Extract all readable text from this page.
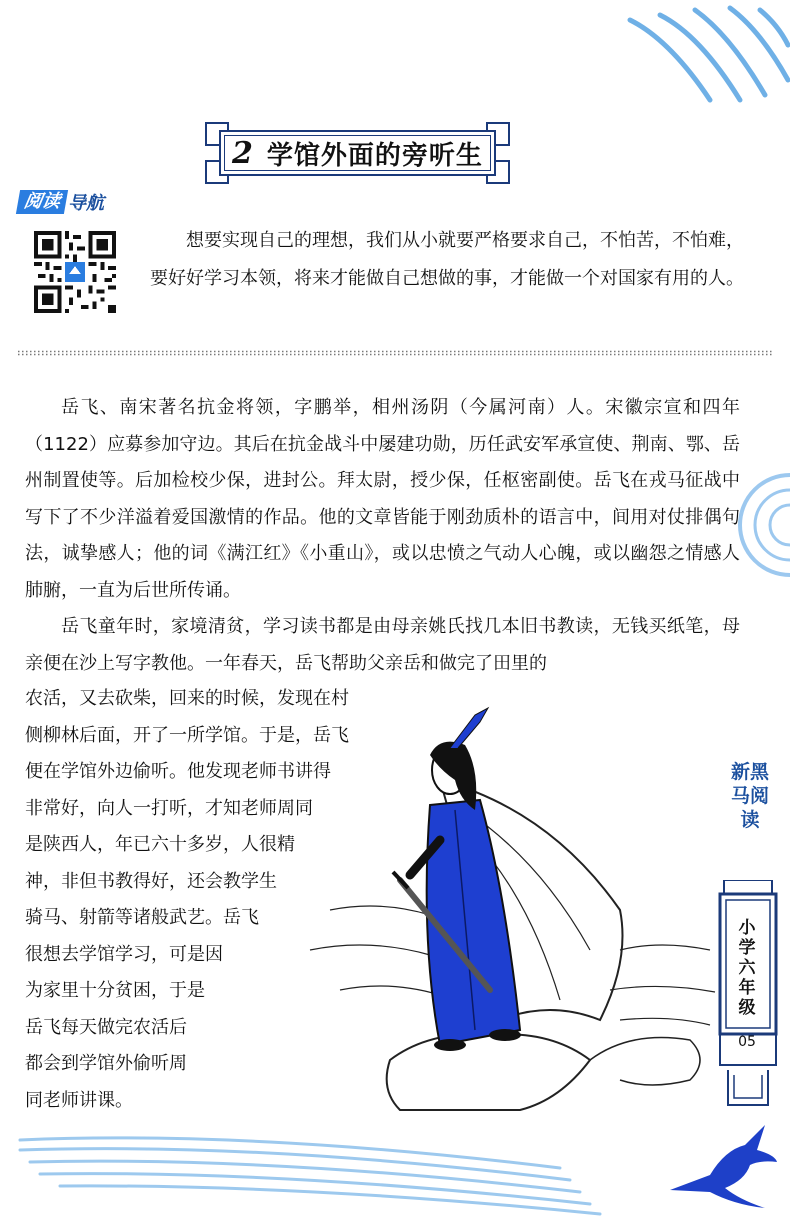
2 学馆外面的旁听生
阅读 导航

想要实现自己的理想，我们从小就要严格要求自己，不怕苦，不怕难，要好好学习本领，将来才能做自己想做的事，才能做一个对国家有用的人。

岳飞、南宋著名抗金将领，字鹏举，相州汤阴（今属河南）人。宋徽宗宣和四年（1122）应募参加守边。其后在抗金战斗中屡建功勋，历任武安军承宣使、荆南、鄂、岳州制置使等。后加检校少保，进封公。拜太尉，授少保，任枢密副使。岳飞在戎马征战中写下了不少洋溢着爱国激情的作品。他的文章皆能于刚劲质朴的语言中，间用对仗排偶句法，诚挚感人；他的词《满江红》《小重山》，或以忠愤之气动人心魄，或以幽怨之情感人肺腑，一直为后世所传诵。

岳飞童年时，家境清贫，学习读书都是由母亲姚氏找几本旧书教读，无钱买纸笔，母亲便在沙上写字教他。一年春天，岳飞帮助父亲岳和做完了田里的

农活，又去砍柴，回来的时候，发现在村
侧柳林后面，开了一所学馆。于是，岳飞
便在学馆外边偷听。他发现老师书讲得
非常好，向人一打听，才知老师周同
是陕西人，年已六十多岁，人很精
神，非但书教得好，还会教学生
骑马、射箭等诸般武艺。岳飞
很想去学馆学习，可是因
为家里十分贫困，于是
岳飞每天做完农活后
都会到学馆外偷听周
同老师讲课。
新黑马阅读
小学六年级
05
